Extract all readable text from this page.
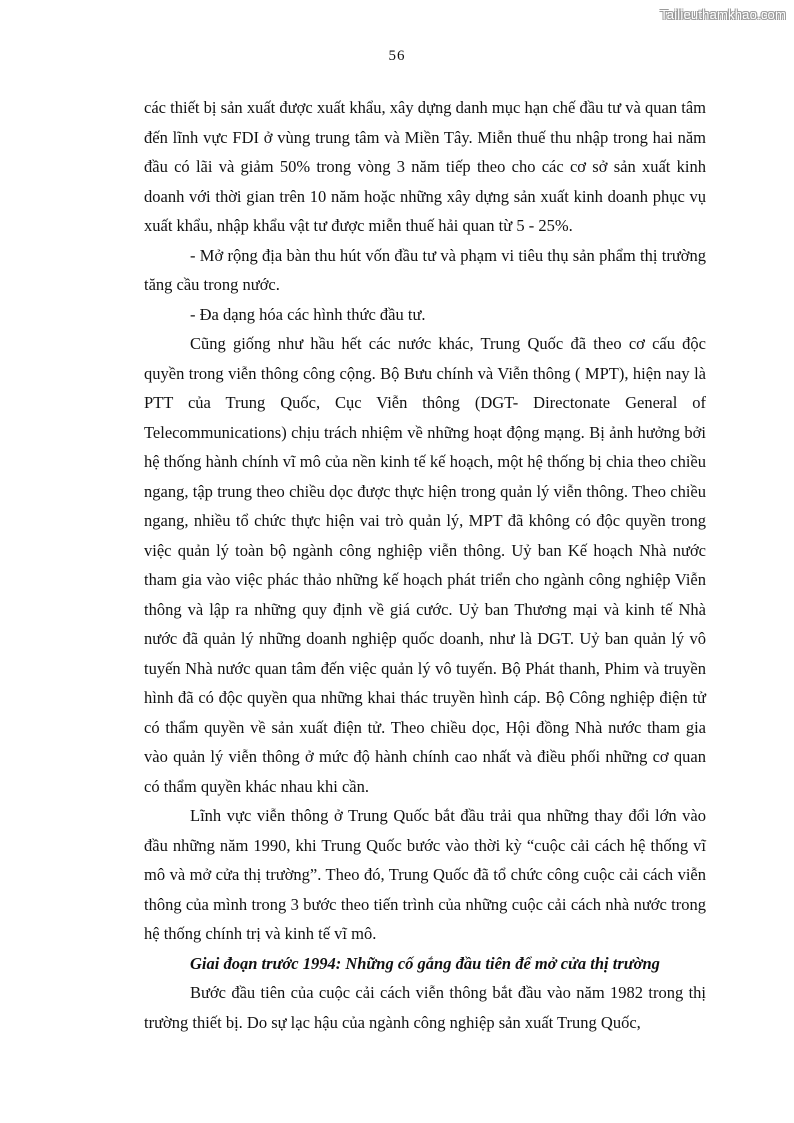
Tailieuthamkhao.com
56

các thiết bị sản xuất được xuất khẩu, xây dựng danh mục hạn chế đầu tư và quan tâm đến lĩnh vực FDI ở vùng trung tâm và Miền Tây. Miễn thuế thu nhập trong hai năm đầu có lãi và giảm 50% trong vòng 3 năm tiếp theo cho các cơ sở sản xuất kinh doanh với thời gian trên 10 năm hoặc những xây dựng sản xuất kinh doanh phục vụ xuất khẩu, nhập khẩu vật tư được miễn thuế hải quan từ 5 - 25%.

- Mở rộng địa bàn thu hút vốn đầu tư và phạm vi tiêu thụ sản phẩm thị trường tăng cầu trong nước.

- Đa dạng hóa các hình thức đầu tư.

Cũng giống như hầu hết các nước khác, Trung Quốc đã theo cơ cấu độc quyền trong viễn thông công cộng. Bộ Bưu chính và Viễn thông ( MPT), hiện nay là PTT của Trung Quốc, Cục Viễn thông (DGT- Directonate General of Telecommunications) chịu trách nhiệm về những hoạt động mạng. Bị ảnh hưởng bởi hệ thống hành chính vĩ mô của nền kinh tế kế hoạch, một hệ thống bị chia theo chiều ngang, tập trung theo chiều dọc được thực hiện trong quản lý viễn thông. Theo chiều ngang, nhiều tổ chức thực hiện vai trò quản lý, MPT đã không có độc quyền trong việc quản lý toàn bộ ngành công nghiệp viễn thông. Uỷ ban Kế hoạch Nhà nước tham gia vào việc phác thảo những kế hoạch phát triển cho ngành công nghiệp Viễn thông và lập ra những quy định về giá cước. Uỷ ban Thương mại và kinh tế Nhà nước đã quản lý những doanh nghiệp quốc doanh, như là DGT. Uỷ ban quản lý vô tuyến Nhà nước quan tâm đến việc quản lý vô tuyến. Bộ Phát thanh, Phim và truyền hình đã có độc quyền qua những khai thác truyền hình cáp. Bộ Công nghiệp điện tử có thẩm quyền về sản xuất điện tử. Theo chiều dọc, Hội đồng Nhà nước tham gia vào quản lý viễn thông ở mức độ hành chính cao nhất và điều phối những cơ quan có thẩm quyền khác nhau khi cần.

Lĩnh vực viễn thông ở Trung Quốc bắt đầu trải qua những thay đổi lớn vào đầu những năm 1990, khi Trung Quốc bước vào thời kỳ “cuộc cải cách hệ thống vĩ mô và mở cửa thị trường”. Theo đó, Trung Quốc đã tổ chức công cuộc cải cách viễn thông của mình trong 3 bước theo tiến trình của những cuộc cải cách nhà nước trong hệ thống chính trị và kinh tế vĩ mô.

Giai đoạn trước 1994: Những cố gắng đầu tiên để mở cửa thị trường

Bước đầu tiên của cuộc cải cách viễn thông bắt đầu vào năm 1982 trong thị trường thiết bị. Do sự lạc hậu của ngành công nghiệp sản xuất Trung Quốc,
